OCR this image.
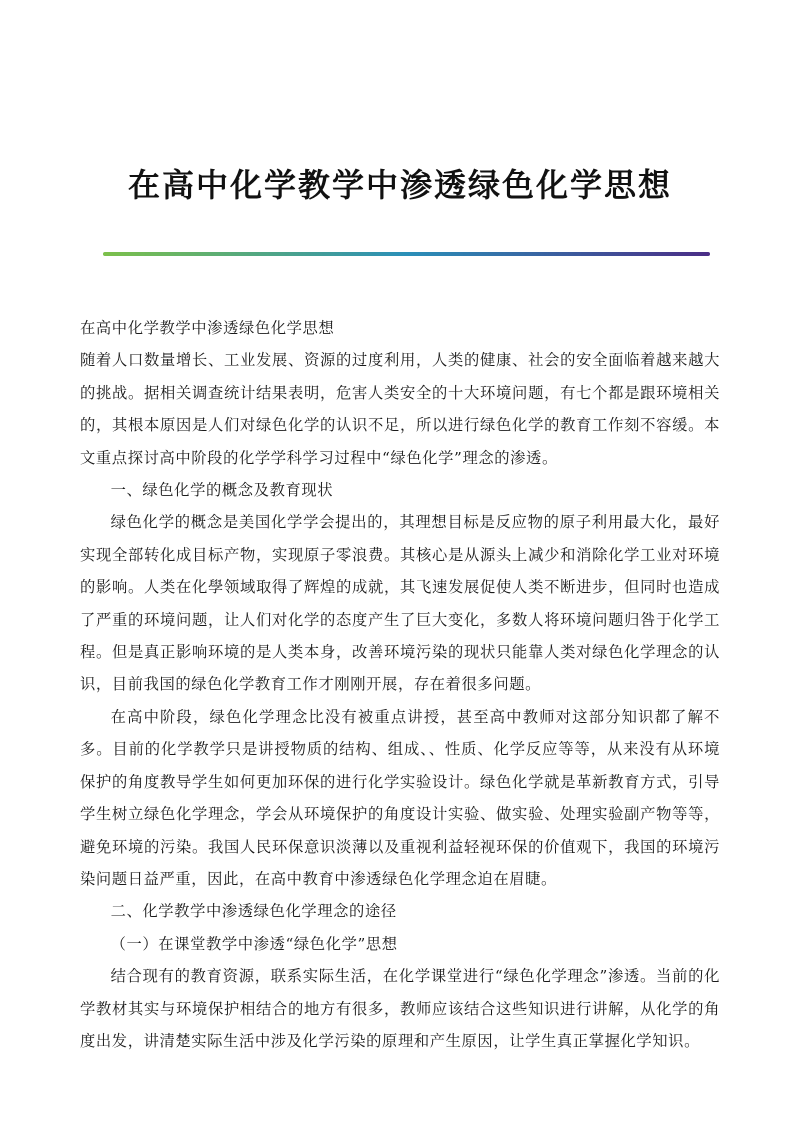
在高中化学教学中渗透绿色化学思想

在高中化学教学中渗透绿色化学思想

随着人口数量增长、工业发展、资源的过度利用，人类的健康、社会的安全面临着越来越大的挑战。据相关调查统计结果表明，危害人类安全的十大环境问题，有七个都是跟环境相关的，其根本原因是人们对绿色化学的认识不足，所以进行绿色化学的教育工作刻不容缓。本文重点探讨高中阶段的化学学科学习过程中“绿色化学”理念的渗透。

一、绿色化学的概念及教育现状

绿色化学的概念是美国化学学会提出的，其理想目标是反应物的原子利用最大化，最好实现全部转化成目标产物，实现原子零浪费。其核心是从源头上减少和消除化学工业对环境的影响。人类在化學领域取得了辉煌的成就，其飞速发展促使人类不断进步，但同时也造成了严重的环境问题，让人们对化学的态度产生了巨大变化，多数人将环境问题归咎于化学工程。但是真正影响环境的是人类本身，改善环境污染的现状只能靠人类对绿色化学理念的认识，目前我国的绿色化学教育工作才刚刚开展，存在着很多问题。

在高中阶段，绿色化学理念比没有被重点讲授，甚至高中教师对这部分知识都了解不多。目前的化学教学只是讲授物质的结构、组成、、性质、化学反应等等，从来没有从环境保护的角度教导学生如何更加环保的进行化学实验设计。绿色化学就是革新教育方式，引导学生树立绿色化学理念，学会从环境保护的角度设计实验、做实验、处理实验副产物等等，避免环境的污染。我国人民环保意识淡薄以及重视利益轻视环保的价值观下，我国的环境污染问题日益严重，因此，在高中教育中渗透绿色化学理念迫在眉睫。

二、化学教学中渗透绿色化学理念的途径

（一）在课堂教学中渗透“绿色化学”思想

结合现有的教育资源，联系实际生活，在化学课堂进行“绿色化学理念”渗透。当前的化学教材其实与环境保护相结合的地方有很多，教师应该结合这些知识进行讲解，从化学的角度出发，讲清楚实际生活中涉及化学污染的原理和产生原因，让学生真正掌握化学知识。
